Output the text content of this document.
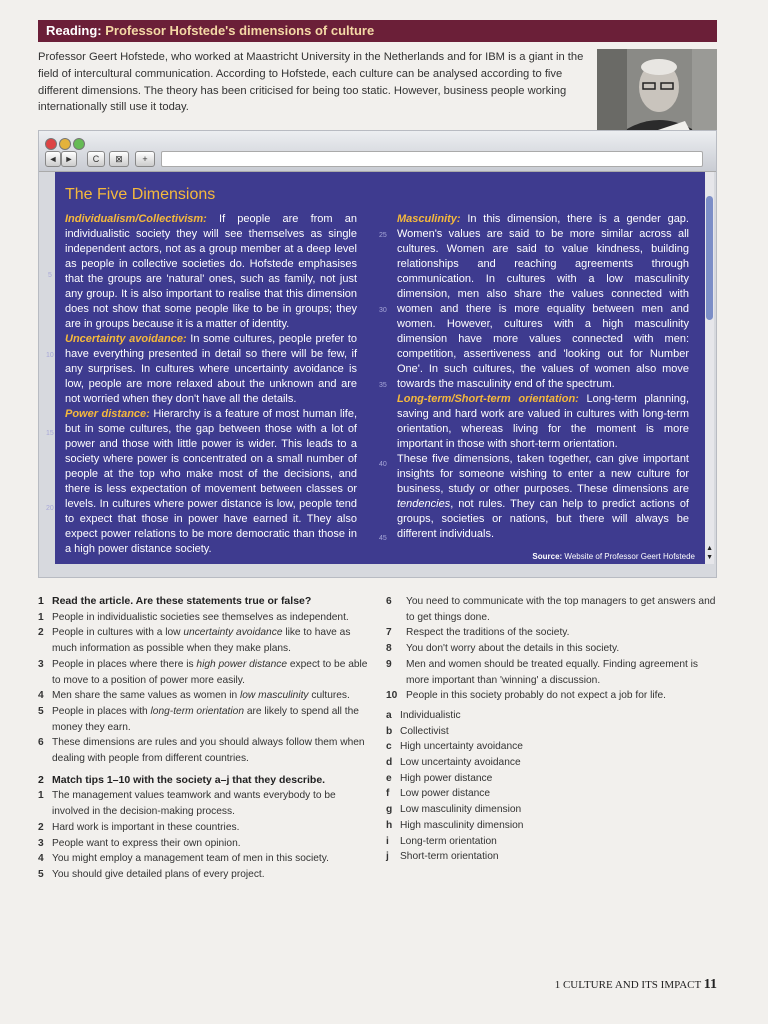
Reading: Professor Hofstede's dimensions of culture
Professor Geert Hofstede, who worked at Maastricht University in the Netherlands and for IBM is a giant in the field of intercultural communication. According to Hofstede, each culture can be analysed according to five different dimensions. The theory has been criticised for being too static. However, business people working internationally still use it today.
◄ ►	C	⊠	+
The Five Dimensions

Individualism/Collectivism: If people are from an individualistic society they will see themselves as single independent actors, not as a group member at a deep level as people in collective societies do. Hofstede emphasises that the groups are 'natural' ones, such as family, not just any group. It is also important to realise that this dimension does not show that some people like to be in groups; they are in groups because it is a matter of identity.

Uncertainty avoidance: In some cultures, people prefer to have everything presented in detail so there will be few, if any surprises. In cultures where uncertainty avoidance is low, people are more relaxed about the unknown and are not worried when they don't have all the details.

Power distance: Hierarchy is a feature of most human life, but in some cultures, the gap between those with a lot of power and those with little power is wider. This leads to a society where power is concentrated on a small number of people at the top who make most of the decisions, and there is less expectation of movement between classes or levels. In cultures where power distance is low, people tend to expect that those in power have earned it. They also expect power relations to be more democratic than those in a high power distance society.

Masculinity: In this dimension, there is a gender gap. Women's values are said to be more similar across all cultures. Women are said to value kindness, building relationships and reaching agreements through communication. In cultures with a low masculinity dimension, men also share the values connected with women and there is more equality between men and women. However, cultures with a high masculinity dimension have more values connected with men: competition, assertiveness and 'looking out for Number One'. In such cultures, the values of women also move towards the masculinity end of the spectrum.

Long-term/Short-term orientation: Long-term planning, saving and hard work are valued in cultures with long-term orientation, whereas living for the moment is more important in those with short-term orientation.

These five dimensions, taken together, can give important insights for someone wishing to enter a new culture for business, study or other purposes. These dimensions are tendencies, not rules. They can help to predict actions of groups, societies or nations, but there will always be different individuals.

5
10
15
20
25
30
35
40
45
Source: Website of Professor Geert Hofstede
▲
▼
1 Read the article. Are these statements true or false?
1 People in individualistic societies see themselves as independent.
2 People in cultures with a low uncertainty avoidance like to have as much information as possible when they make plans.
3 People in places where there is high power distance expect to be able to move to a position of power more easily.
4 Men share the same values as women in low masculinity cultures.
5 People in places with long-term orientation are likely to spend all the money they earn.
6 These dimensions are rules and you should always follow them when dealing with people from different countries.
2 Match tips 1–10 with the society a–j that they describe.
1 The management values teamwork and wants everybody to be involved in the decision-making process.
2 Hard work is important in these countries.
3 People want to express their own opinion.
4 You might employ a management team of men in this society.
5 You should give detailed plans of every project.
6 You need to communicate with the top managers to get answers and to get things done.
7 Respect the traditions of the society.
8 You don't worry about the details in this society.
9 Men and women should be treated equally. Finding agreement is more important than 'winning' a discussion.
10 People in this society probably do not expect a job for life.
a Individualistic
b Collectivist
c High uncertainty avoidance
d Low uncertainty avoidance
e High power distance
f Low power distance
g Low masculinity dimension
h High masculinity dimension
i Long-term orientation
j Short-term orientation
1 CULTURE AND ITS IMPACT 11
